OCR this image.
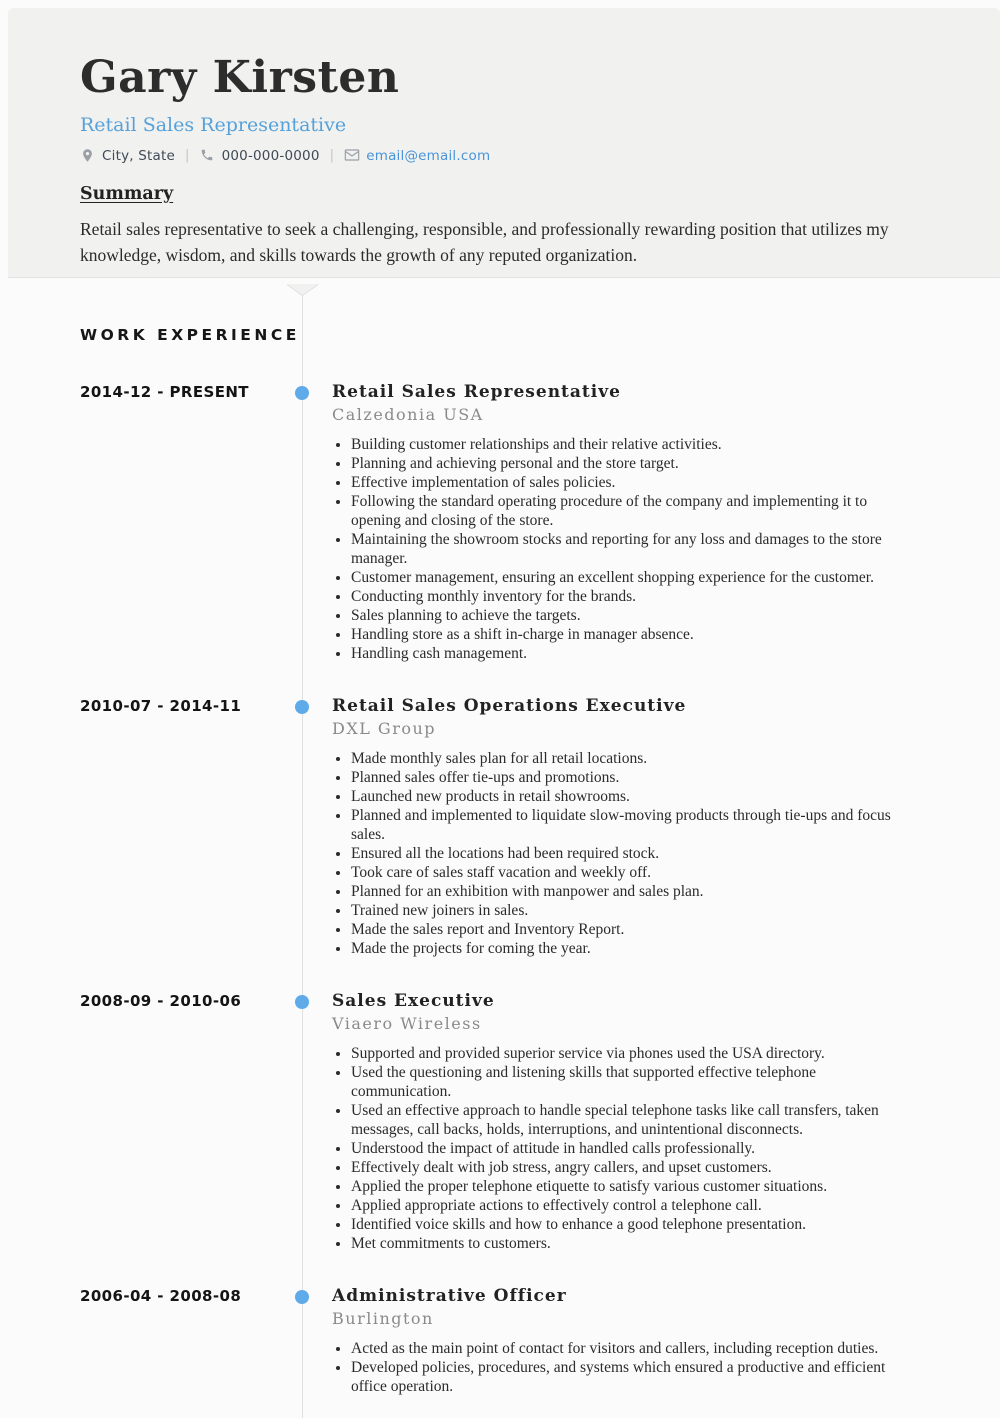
Gary Kirsten
Retail Sales Representative
City, State |	000-000-0000 |	email@email.com
Summary

Retail sales representative to seek a challenging, responsible, and professionally rewarding position that utilizes my knowledge, wisdom, and skills towards the growth of any reputed organization.

WORK EXPERIENCE
2014-12 - PRESENT	Retail Sales Representative
Calzedonia USA
• Building customer relationships and their relative activities.
• Planning and achieving personal and the store target.
• Effective implementation of sales policies.
• Following the standard operating procedure of the company and implementing it to opening and closing of the store.
• Maintaining the showroom stocks and reporting for any loss and damages to the store manager.
• Customer management, ensuring an excellent shopping experience for the customer.
• Conducting monthly inventory for the brands.
• Sales planning to achieve the targets.
• Handling store as a shift in-charge in manager absence.
• Handling cash management.
2010-07 - 2014-11	Retail Sales Operations Executive
DXL Group
• Made monthly sales plan for all retail locations.
• Planned sales offer tie-ups and promotions.
• Launched new products in retail showrooms.
• Planned and implemented to liquidate slow-moving products through tie-ups and focus sales.
• Ensured all the locations had been required stock.
• Took care of sales staff vacation and weekly off.
• Planned for an exhibition with manpower and sales plan.
• Trained new joiners in sales.
• Made the sales report and Inventory Report.
• Made the projects for coming the year.
2008-09 - 2010-06	Sales Executive
Viaero Wireless
• Supported and provided superior service via phones used the USA directory.
• Used the questioning and listening skills that supported effective telephone communication.
• Used an effective approach to handle special telephone tasks like call transfers, taken messages, call backs, holds, interruptions, and unintentional disconnects.
• Understood the impact of attitude in handled calls professionally.
• Effectively dealt with job stress, angry callers, and upset customers.
• Applied the proper telephone etiquette to satisfy various customer situations.
• Applied appropriate actions to effectively control a telephone call.
• Identified voice skills and how to enhance a good telephone presentation.
• Met commitments to customers.
2006-04 - 2008-08	Administrative Officer
Burlington
• Acted as the main point of contact for visitors and callers, including reception duties.
• Developed policies, procedures, and systems which ensured a productive and efficient office operation.
